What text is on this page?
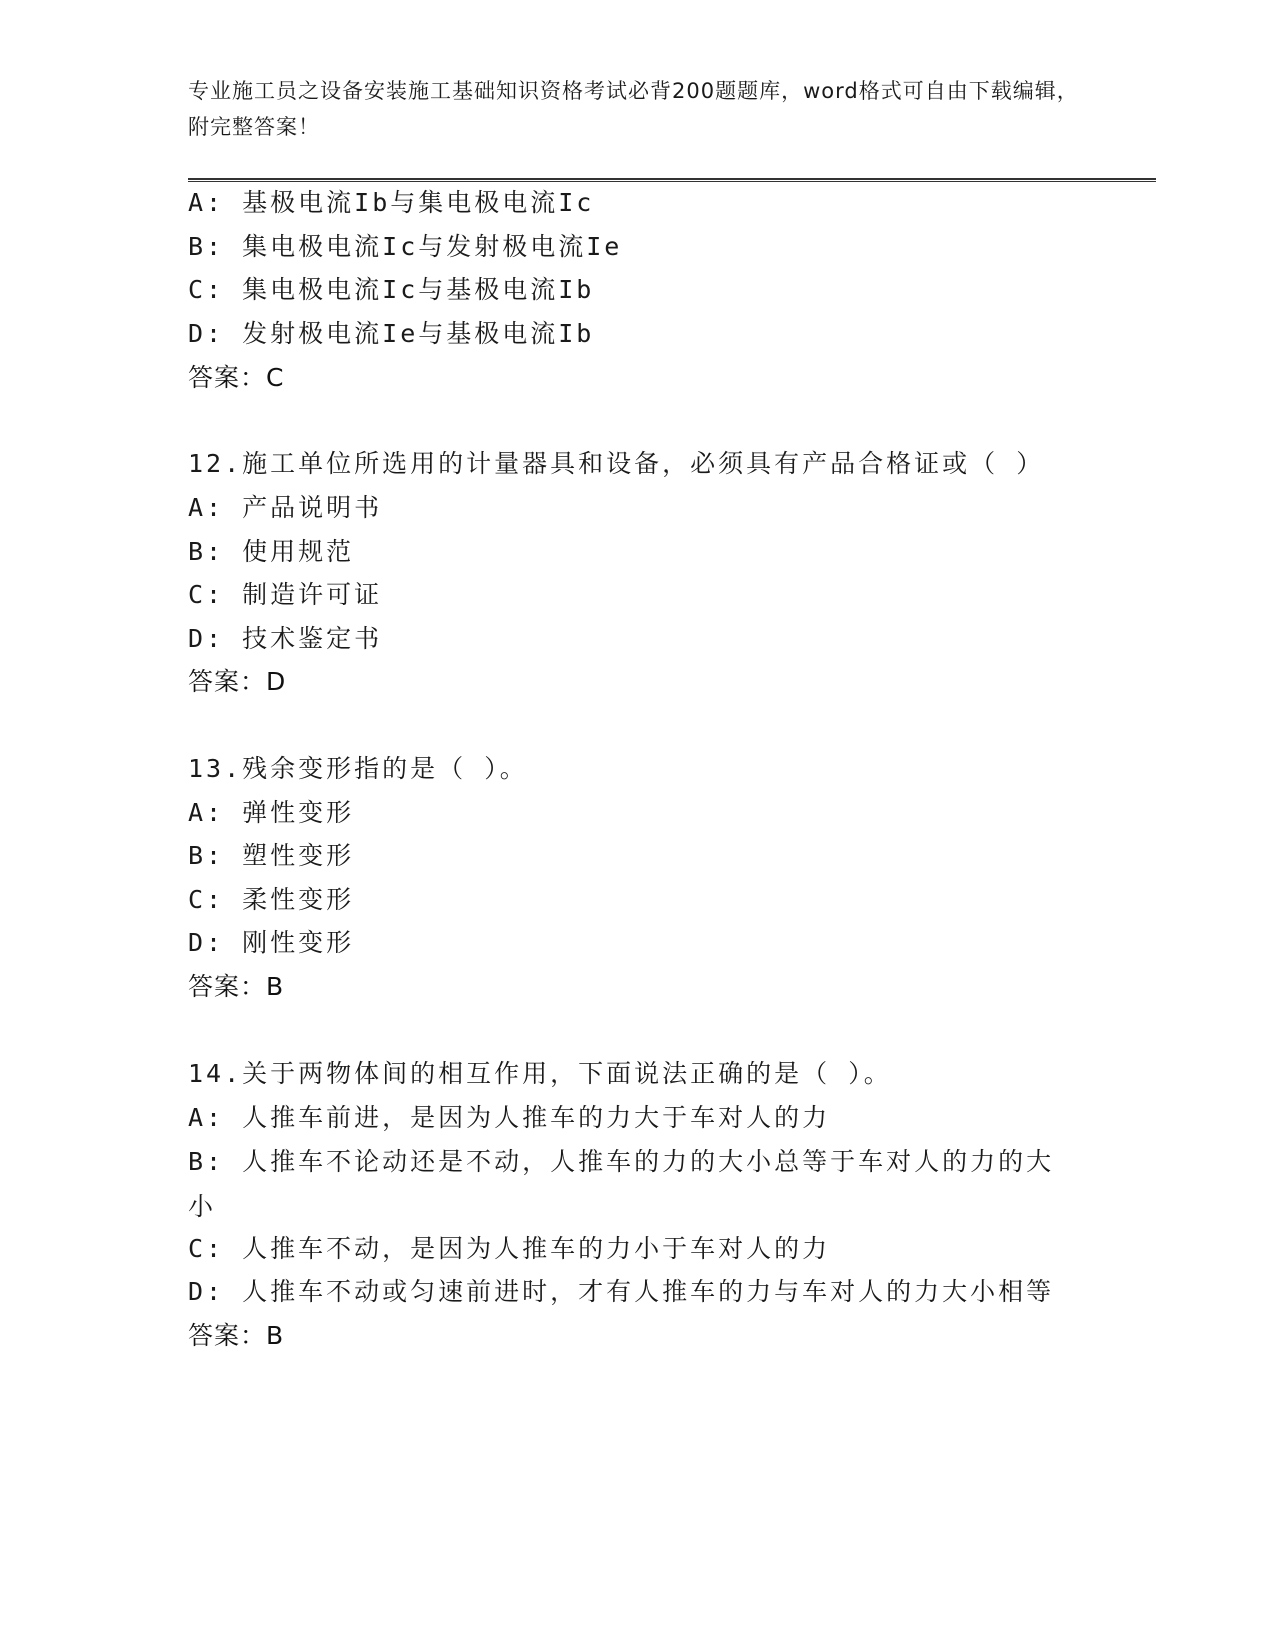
专业施工员之设备安装施工基础知识资格考试必背200题题库，word格式可自由下载编辑，附完整答案！
A: 基极电流Ib与集电极电流Ic
B: 集电极电流Ic与发射极电流Ie
C: 集电极电流Ic与基极电流Ib
D: 发射极电流Ie与基极电流Ib
答案：C
12.施工单位所选用的计量器具和设备，必须具有产品合格证或（ ）
A: 产品说明书
B: 使用规范
C: 制造许可证
D: 技术鉴定书
答案：D
13.残余变形指的是（ ）。
A: 弹性变形
B: 塑性变形
C: 柔性变形
D: 刚性变形
答案：B
14.关于两物体间的相互作用，下面说法正确的是（ ）。
A: 人推车前进，是因为人推车的力大于车对人的力
B: 人推车不论动还是不动，人推车的力的大小总等于车对人的力的大小
C: 人推车不动，是因为人推车的力小于车对人的力
D: 人推车不动或匀速前进时，才有人推车的力与车对人的力大小相等
答案：B
